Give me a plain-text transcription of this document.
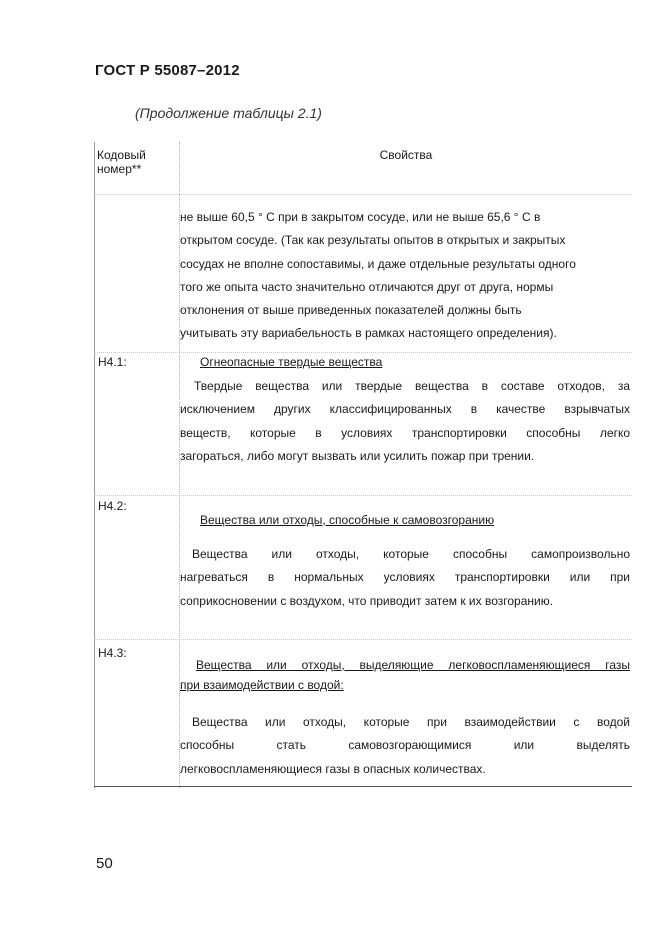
ГОСТ Р 55087–2012
(Продолжение таблицы 2.1)
Кодовый номер**
Свойства
не выше 60,5 ° С при в закрытом сосуде, или не выше 65,6 ° С в
открытом сосуде. (Так как результаты опытов в открытых и закрытых
сосудах не вполне сопоставимы, и даже отдельные результаты одного
того же опыта часто значительно отличаются друг от друга, нормы
отклонения от выше приведенных показателей должны быть
учитывать эту вариабельность в рамках настоящего определения).
Н4.1:	Огнеопасные твердые вещества
Твердые вещества или твердые вещества в составе отходов, за
исключением других классифицированных в качестве взрывчатых
веществ, которые в условиях транспортировки способны легко
загораться, либо могут вызвать или усилить пожар при трении.
Н4.2:
Вещества или отходы, способные к самовозгоранию
Вещества или отходы, которые способны самопроизвольно
нагреваться в нормальных условиях транспортировки или при
соприкосновении с воздухом, что приводит затем к их возгоранию.
Н4.3:
Вещества или отходы, выделяющие легковоспламеняющиеся газы
при взаимодействии с водой:
Вещества или отходы, которые при взаимодействии с водой
способны стать самовозгорающимися или выделять
легковоспламеняющиеся газы в опасных количествах.
50
